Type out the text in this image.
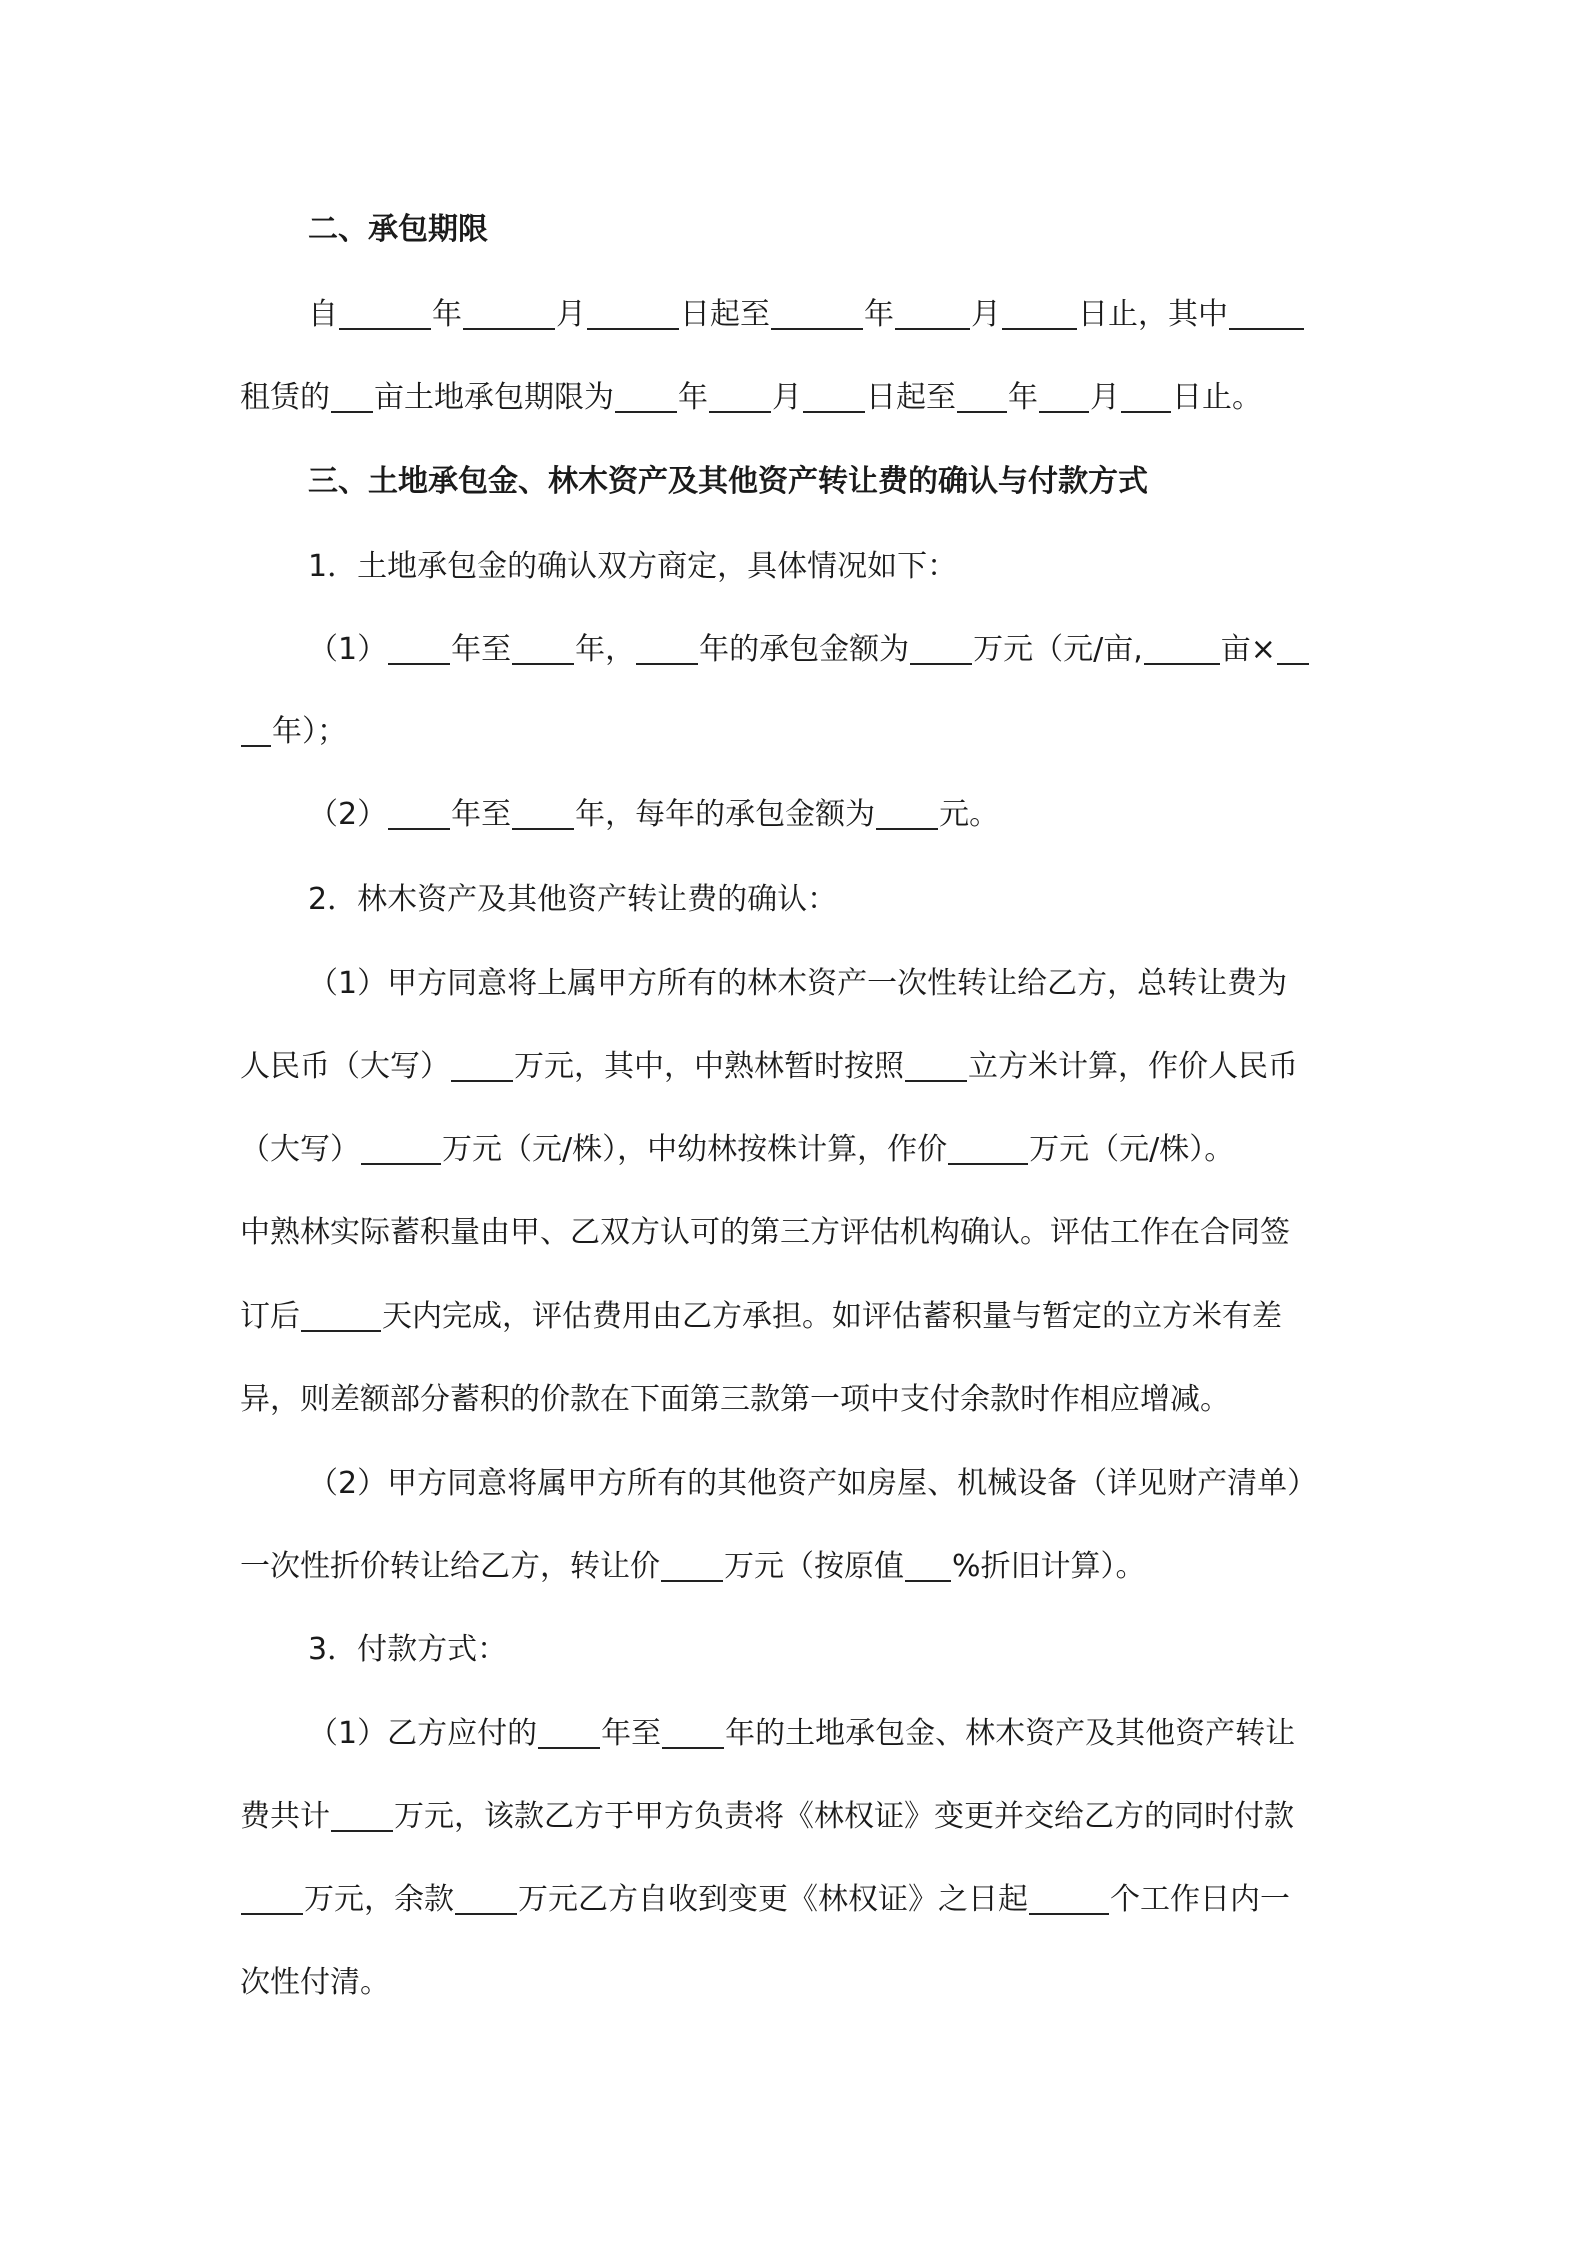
二、承包期限
自	年	月	日起至	年	月	日止，其中
租赁的 亩土地承包期限为 年 月 日起至 年 月 日止。
三、土地承包金、林木资产及其他资产转让费的确认与付款方式
1．土地承包金的确认双方商定，具体情况如下：
（1） 年至 年， 年的承包金额为 万元（元/亩,	亩×
年）；
（2） 年至 年，每年的承包金额为 元。
2．林木资产及其他资产转让费的确认：
（1）甲方同意将上属甲方所有的林木资产一次性转让给乙方，总转让费为
人民币（大写） 万元，其中，中熟林暂时按照 立方米计算，作价人民币
（大写）	万元（元/株），中幼林按株计算，作价	万元（元/株）。
中熟林实际蓄积量由甲、乙双方认可的第三方评估机构确认。评估工作在合同签
订后	天内完成，评估费用由乙方承担。如评估蓄积量与暂定的立方米有差
异，则差额部分蓄积的价款在下面第三款第一项中支付余款时作相应增减。
（2）甲方同意将属甲方所有的其他资产如房屋、机械设备（详见财产清单）
一次性折价转让给乙方，转让价 万元（按原值 %折旧计算）。
3．付款方式：
（1）乙方应付的 年至 年的土地承包金、林木资产及其他资产转让
费共计 万元，该款乙方于甲方负责将《林权证》变更并交给乙方的同时付款
万元，余款 万元乙方自收到变更《林权证》之日起	个工作日内一
次性付清。
